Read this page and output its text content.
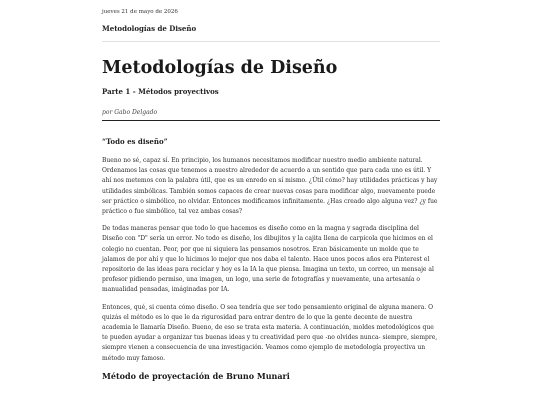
jueves 21 de mayo de 2026
Metodologías de Diseño
Metodologías de Diseño
Parte 1 - Métodos proyectivos
por Gabo Delgado
“Todo es diseño”

Bueno no sé, capaz sí. En principio, los humanos necesitamos modificar nuestro medio ambiente natural. Ordenamos las cosas que tenemos a nuestro alrededor de acuerdo a un sentido que para cada uno es útil. Y ahí nos metemos con la palabra útil, que es un enredo en sí mismo. ¿Útil cómo? hay utilidades prácticas y hay utilidades simbólicas. También somos capaces de crear nuevas cosas para modificar algo, nuevamente puede ser práctico o simbólico, no olvidar. Entonces modificamos infinitamente. ¿Has creado algo alguna vez? ¿y fue práctico o fue simbólico, tal vez ambas cosas?

De todas maneras pensar que todo lo que hacemos es diseño como en la magna y sagrada disciplina del Diseño con "D" sería un error. No todo es diseño, los dibujitos y la cajita llena de carpicola que hicimos en el colegio no cuentan. Peor, por que ni siquiera las pensamos nosotros. Eran básicamente un molde que te jalamos de por ahí y que lo hicimos lo mejor que nos daba el talento. Hace unos pocos años era Pinterest el repositorio de las ideas para reciclar y hoy es la IA la que piensa. Imagina un texto, un correo, un mensaje al profesor pidiendo permiso, una imagen, un logo, una serie de fotografías y nuevamente, una artesanía o manualidad pensadas, imáginadas por IA.

Entonces, qué, si cuenta cómo diseño. O sea tendría que ser todo pensamiento original de alguna manera. O quizás el método es lo que le da rigurosidad para entrar dentro de lo que la gente decente de nuestra academia le llamaría Diseño. Bueno, de eso se trata esta materia. A continuación, moldes metodológicos que te pueden ayudar a organizar tus buenas ideas y tu creatividad pero que -no olvides nunca- siempre, siempre, siempre vienen a consecuencia de una investigación. Veamos como ejemplo de metodología proyectiva un método muy famoso.

Método de proyectación de Bruno Munari
